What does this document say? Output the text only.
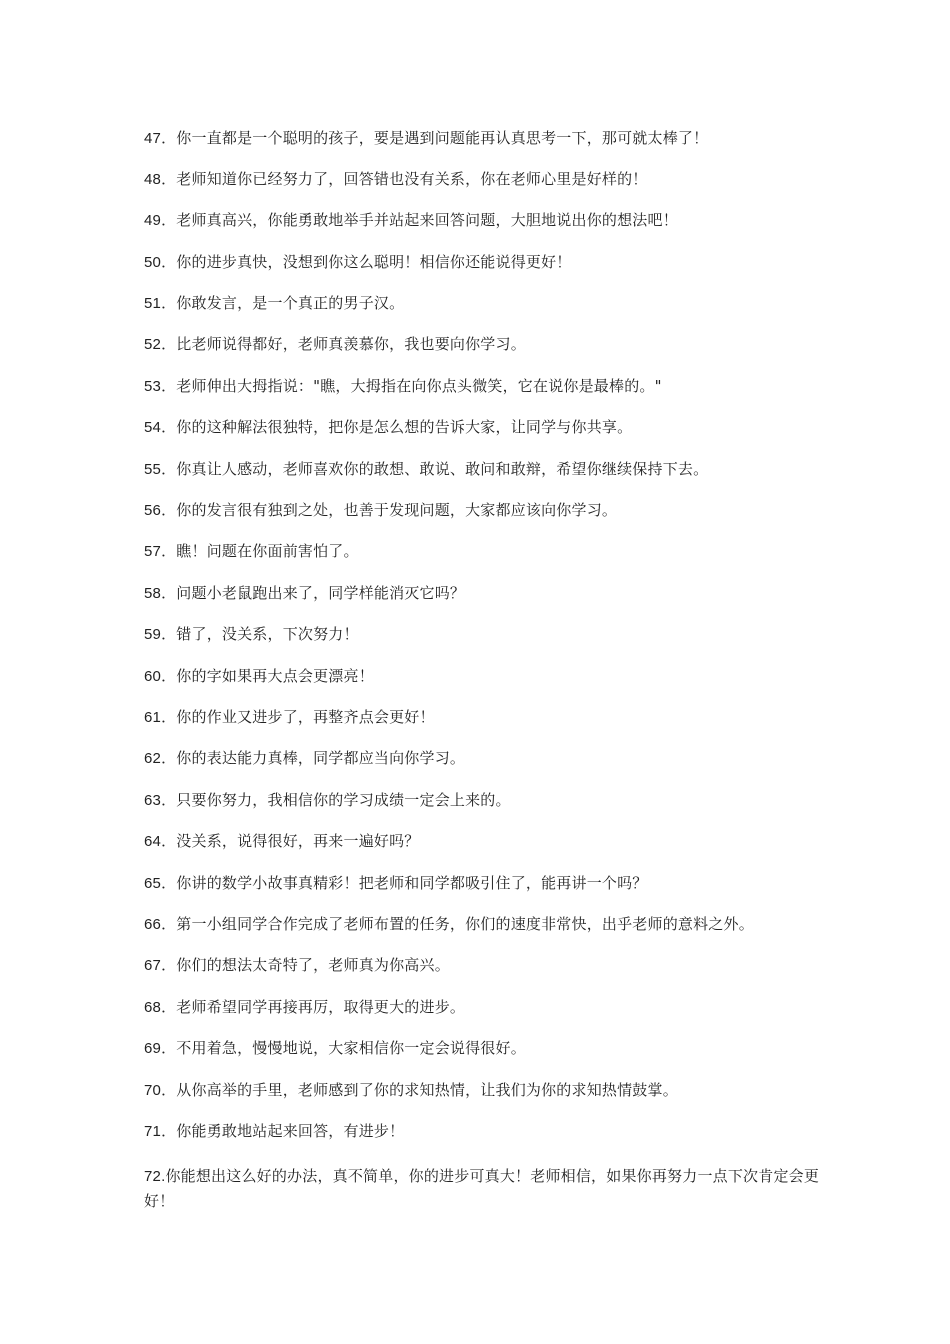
47．你一直都是一个聪明的孩子，要是遇到问题能再认真思考一下，那可就太棒了！
48．老师知道你已经努力了，回答错也没有关系，你在老师心里是好样的！
49．老师真高兴，你能勇敢地举手并站起来回答问题，大胆地说出你的想法吧！
50．你的进步真快，没想到你这么聪明！相信你还能说得更好！
51．你敢发言，是一个真正的男子汉。
52．比老师说得都好，老师真羡慕你，我也要向你学习。
53．老师伸出大拇指说："瞧，大拇指在向你点头微笑，它在说你是最棒的。"
54．你的这种解法很独特，把你是怎么想的告诉大家，让同学与你共享。
55．你真让人感动，老师喜欢你的敢想、敢说、敢问和敢辩，希望你继续保持下去。
56．你的发言很有独到之处，也善于发现问题，大家都应该向你学习。
57．瞧！问题在你面前害怕了。
58．问题小老鼠跑出来了，同学样能消灭它吗？
59．错了，没关系，下次努力！
60．你的字如果再大点会更漂亮！
61．你的作业又进步了，再整齐点会更好！
62．你的表达能力真棒，同学都应当向你学习。
63．只要你努力，我相信你的学习成绩一定会上来的。
64．没关系，说得很好，再来一遍好吗？
65．你讲的数学小故事真精彩！把老师和同学都吸引住了，能再讲一个吗？
66．第一小组同学合作完成了老师布置的任务，你们的速度非常快，出乎老师的意料之外。
67．你们的想法太奇特了，老师真为你高兴。
68．老师希望同学再接再厉，取得更大的进步。
69．不用着急，慢慢地说，大家相信你一定会说得很好。
70．从你高举的手里，老师感到了你的求知热情，让我们为你的求知热情鼓掌。
71．你能勇敢地站起来回答，有进步！
72.你能想出这么好的办法，真不简单，你的进步可真大！老师相信，如果你再努力一点下次肯定会更好！
